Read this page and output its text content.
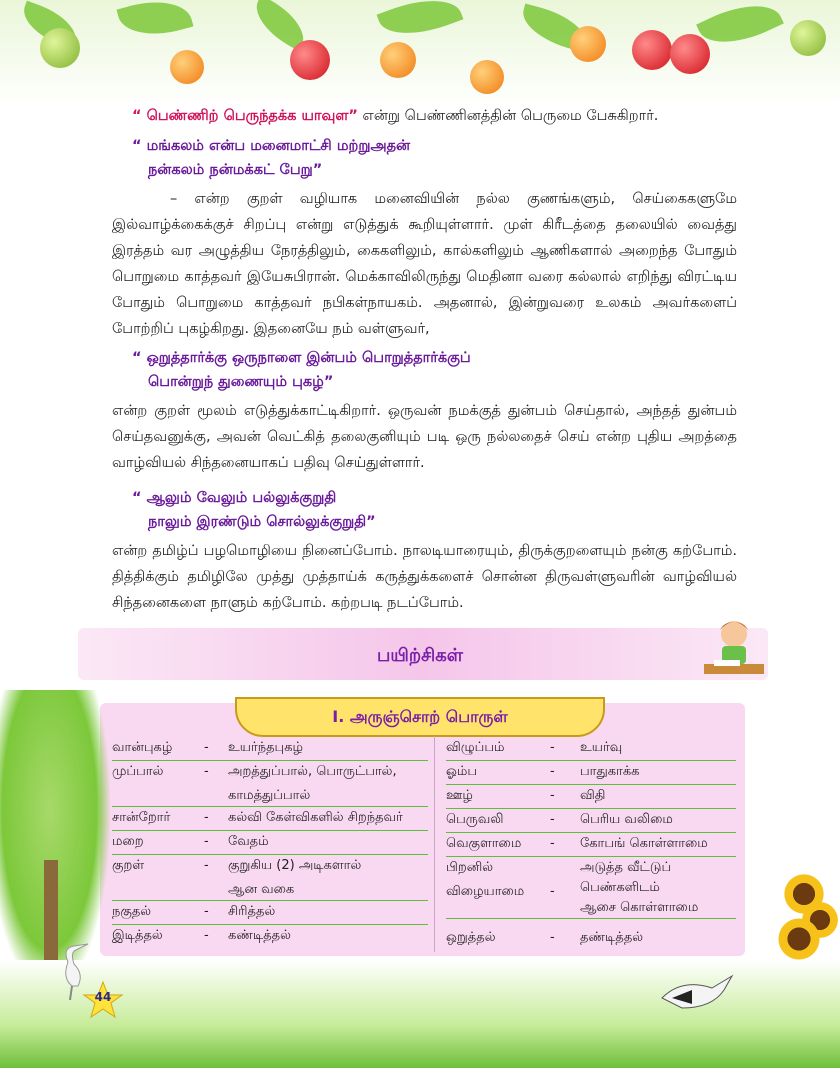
“ பெண்ணிற் பெருந்தக்க யாவுள” என்று பெண்ணினத்தின் பெருமை பேசுகிறார்.
“ மங்கலம் என்ப மனைமாட்சி மற்றுஅதன்
நன்கலம் நன்மக்கட் பேறு”
– என்ற குறள் வழியாக மனைவியின் நல்ல குணங்களும், செய்கைகளுமே இல்வாழ்க்கைக்குச் சிறப்பு என்று எடுத்துக் கூறியுள்ளார். முள் கிரீடத்தை தலையில் வைத்து இரத்தம் வர அழுத்திய நேரத்திலும், கைகளிலும், கால்களிலும் ஆணிகளால் அறைந்த போதும் பொறுமை காத்தவர் இயேசுபிரான். மெக்காவிலிருந்து மெதினா வரை கல்லால் எறிந்து விரட்டிய போதும் பொறுமை காத்தவர் நபிகள்நாயகம். அதனால், இன்றுவரை உலகம் அவர்களைப் போற்றிப் புகழ்கிறது. இதனையே நம் வள்ளுவர்,
“ ஒறுத்தார்க்கு ஒருநாளை இன்பம் பொறுத்தார்க்குப்
பொன்றுந் துணையும் புகழ்”
என்ற குறள் மூலம் எடுத்துக்காட்டிகிறார். ஒருவன் நமக்குத் துன்பம் செய்தால், அந்தத் துன்பம் செய்தவனுக்கு, அவன் வெட்கித் தலைகுனியும் படி ஒரு நல்லதைச் செய் என்ற புதிய அறத்தை வாழ்வியல் சிந்தனையாகப் பதிவு செய்துள்ளார்.
“ ஆலும் வேலும் பல்லுக்குறுதி
நாலும் இரண்டும் சொல்லுக்குறுதி”
என்ற தமிழ்ப் பழமொழியை நினைப்போம். நாலடியாரையும், திருக்குறளையும் நன்கு கற்போம். தித்திக்கும் தமிழிலே முத்து முத்தாய்க் கருத்துக்களைச் சொன்ன திருவள்ளுவரின் வாழ்வியல் சிந்தனைகளை நாளும் கற்போம். கற்றபடி நடப்போம்.
பயிற்சிகள்
I. அருஞ்சொற் பொருள்
வான்புகழ் - உயர்ந்தபுகழ்
முப்பால்	- அறத்துப்பால், பொருட்பால்,
காமத்துப்பால்
சான்றோர்	- கல்வி கேள்விகளில் சிறந்தவர்
மறை	- வேதம்
குறள்	- குறுகிய (2) அடிகளால்
ஆன வகை
நகுதல்	- சிரித்தல்
இடித்தல்	- கண்டித்தல்
விழுப்பம்	- உயர்வு
ஓம்ப	- பாதுகாக்க
ஊழ்	- விதி
பெருவலி	- பெரிய வலிமை
வெகுளாமை - கோபங் கொள்ளாமை
பிறனில்
விழையாமை -
அடுத்த வீட்டுப்
பெண்களிடம்
ஆசை கொள்ளாமை
ஒறுத்தல்	- தண்டித்தல்
44
